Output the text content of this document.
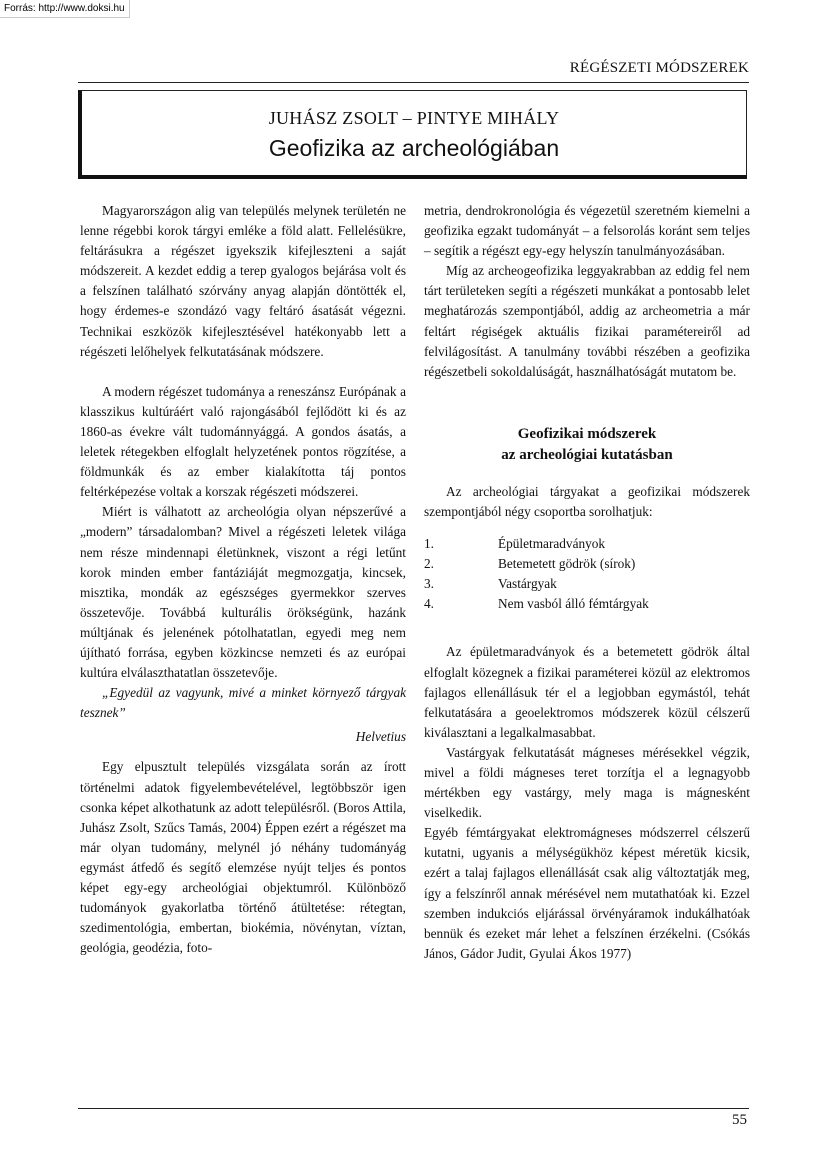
Forrás: http://www.doksi.hu
RÉGÉSZETI MÓDSZEREK
JUHÁSZ ZSOLT – PINTYE MIHÁLY
Geofizika az archeológiában

Magyarországon alig van település melynek területén ne lenne régebbi korok tárgyi emléke a föld alatt. Fellelésükre, feltárásukra a régészet igyekszik kifejleszteni a saját módszereit. A kezdet eddig a terep gyalogos bejárása volt és a felszínen található szórvány anyag alapján döntötték el, hogy érdemes-e szondázó vagy feltáró ásatását végezni. Technikai eszközök kifejlesztésével hatékonyabb lett a régészeti lelőhelyek felkutatásának módszere.

A modern régészet tudománya a reneszánsz Európának a klasszikus kultúráért való rajongásából fejlődött ki és az 1860-as évekre vált tudománnyággá. A gondos ásatás, a leletek rétegekben elfoglalt helyzetének pontos rögzítése, a földmunkák és az ember kialakította táj pontos feltérképezése voltak a korszak régészeti módszerei.

Miért is válhatott az archeológia olyan népszerűvé a „modern” társadalomban? Mivel a régészeti leletek világa nem része mindennapi életünknek, viszont a régi letűnt korok minden ember fantáziáját megmozgatja, kincsek, misztika, mondák az egészséges gyermekkor szerves összetevője. Továbbá kulturális örökségünk, hazánk múltjának és jelenének pótolhatatlan, egyedi meg nem újítható forrása, egyben közkincse nemzeti és az európai kultúra elválaszthatatlan összetevője.

„Egyedül az vagyunk, mivé a minket környező tárgyak tesznek”

Helvetius

Egy elpusztult település vizsgálata során az írott történelmi adatok figyelembevételével, legtöbbször igen csonka képet alkothatunk az adott településről. (Boros Attila, Juhász Zsolt, Szűcs Tamás, 2004) Éppen ezért a régészet ma már olyan tudomány, melynél jó néhány tudományág egymást átfedő és segítő elemzése nyújt teljes és pontos képet egy-egy archeológiai objektumról. Különböző tudományok gyakorlatba történő átültetése: rétegtan, szedimentológia, embertan, biokémia, növénytan, víztan, geológia, geodézia, foto-

metria, dendrokronológia és végezetül szeretném kiemelni a geofizika egzakt tudományát – a felsorolás koránt sem teljes – segítik a régészt egy-egy helyszín tanulmányozásában.

Míg az archeogeofizika leggyakrabban az eddig fel nem tárt területeken segíti a régészeti munkákat a pontosabb lelet meghatározás szempontjából, addig az archeometria a már feltárt régiségek aktuális fizikai paramétereiről ad felvilágosítást. A tanulmány további részében a geofizika régészetbeli sokoldalúságát, használhatóságát mutatom be.

Geofizikai módszerek
az archeológiai kutatásban

Az archeológiai tárgyakat a geofizikai módszerek szempontjából négy csoportba sorolhatjuk:

1.	Épületmaradványok
2.	Betemetett gödrök (sírok)
3.	Vastárgyak
4.	Nem vasból álló fémtárgyak

Az épületmaradványok és a betemetett gödrök által elfoglalt közegnek a fizikai paraméterei közül az elektromos fajlagos ellenállásuk tér el a legjobban egymástól, tehát felkutatására a geoelektromos módszerek közül célszerű kiválasztani a legalkalmasabbat.

Vastárgyak felkutatását mágneses mérésekkel végzik, mivel a földi mágneses teret torzítja el a legnagyobb mértékben egy vastárgy, mely maga is mágnesként viselkedik.

Egyéb fémtárgyakat elektromágneses módszerrel célszerű kutatni, ugyanis a mélységükhöz képest méretük kicsik, ezért a talaj fajlagos ellenállását csak alig változtatják meg, így a felszínről annak mérésével nem mutathatóak ki. Ezzel szemben indukciós eljárással örvényáramok indukálhatóak bennük és ezeket már lehet a felszínen érzékelni. (Csókás János, Gádor Judit, Gyulai Ákos 1977)

55
